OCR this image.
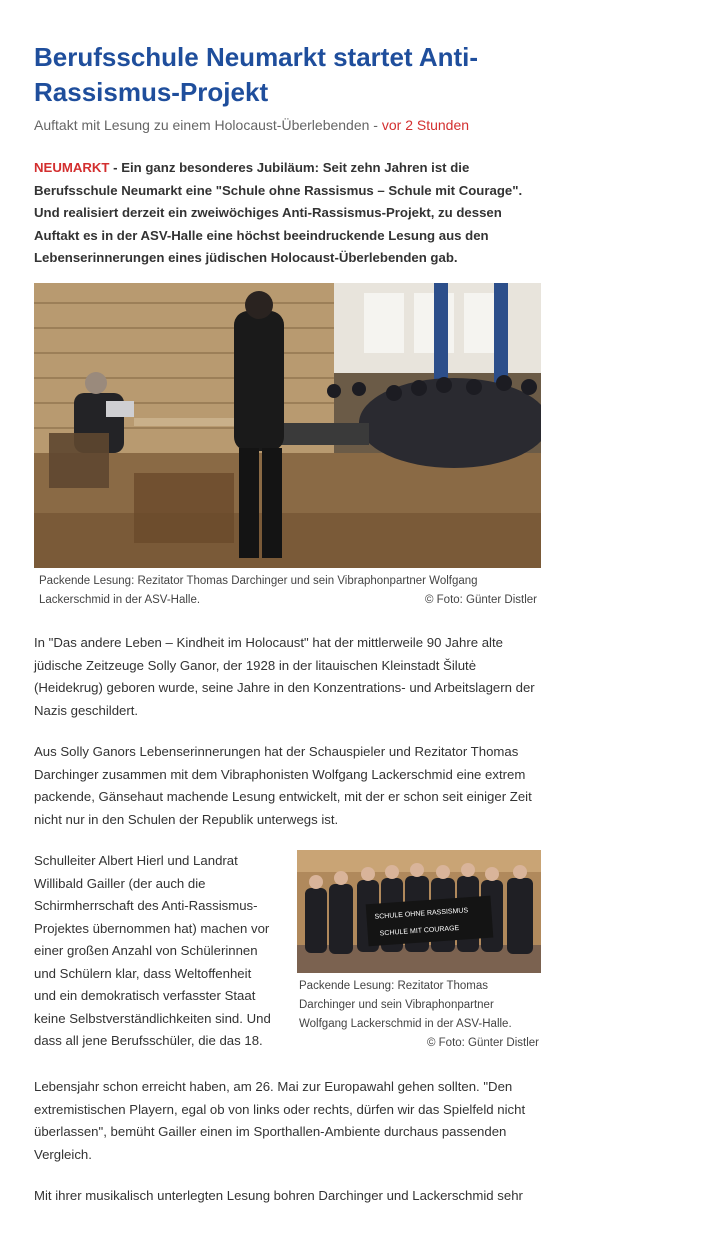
Berufsschule Neumarkt startet Anti-Rassismus-Projekt
Auftakt mit Lesung zu einem Holocaust-Überlebenden - vor 2 Stunden
NEUMARKT - Ein ganz besonderes Jubiläum: Seit zehn Jahren ist die Berufsschule Neumarkt eine "Schule ohne Rassismus – Schule mit Courage". Und realisiert derzeit ein zweiwöchiges Anti-Rassismus-Projekt, zu dessen Auftakt es in der ASV-Halle eine höchst beeindruckende Lesung aus den Lebenserinnerungen eines jüdischen Holocaust-Überlebenden gab.
Packende Lesung: Rezitator Thomas Darchinger und sein Vibraphonpartner Wolfgang Lackerschmid in der ASV-Halle.	© Foto: Günter Distler

In "Das andere Leben – Kindheit im Holocaust" hat der mittlerweile 90 Jahre alte jüdische Zeitzeuge Solly Ganor, der 1928 in der litauischen Kleinstadt Šilutė (Heidekrug) geboren wurde, seine Jahre in den Konzentrations- und Arbeitslagern der Nazis geschildert.

Aus Solly Ganors Lebenserinnerungen hat der Schauspieler und Rezitator Thomas Darchinger zusammen mit dem Vibraphonisten Wolfgang Lackerschmid eine extrem packende, Gänsehaut machende Lesung entwickelt, mit der er schon seit einiger Zeit nicht nur in den Schulen der Republik unterwegs ist.

Schulleiter Albert Hierl und Landrat Willibald Gailler (der auch die Schirmherrschaft des Anti-Rassismus-Projektes übernommen hat) machen vor einer großen Anzahl von Schülerinnen und Schülern klar, dass Weltoffenheit und ein demokratisch verfasster Staat keine Selbstverständlichkeiten sind. Und dass all jene Berufsschüler, die das 18.

SCHULE OHNE RASSISMUS
SCHULE MIT COURAGE
Packende Lesung: Rezitator Thomas Darchinger und sein Vibraphonpartner Wolfgang Lackerschmid in der ASV-Halle.
© Foto: Günter Distler

Lebensjahr schon erreicht haben, am 26. Mai zur Europawahl gehen sollten. "Den extremistischen Playern, egal ob von links oder rechts, dürfen wir das Spielfeld nicht überlassen", bemüht Gailler einen im Sporthallen-Ambiente durchaus passenden Vergleich.

Mit ihrer musikalisch unterlegten Lesung bohren Darchinger und Lackerschmid sehr
